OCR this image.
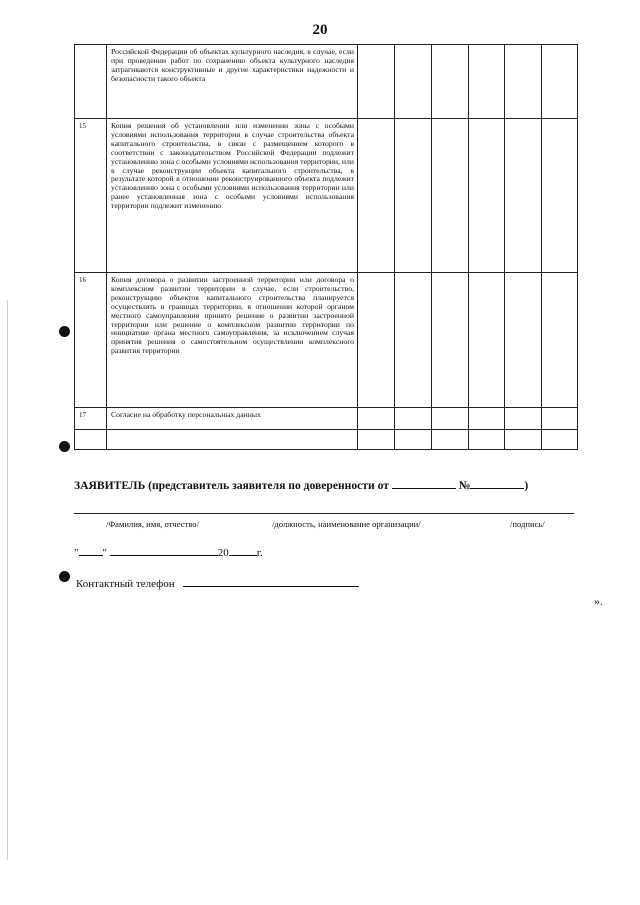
20
	Российской Федерации об объектах культурного наследия, в случае, если при проведении работ по сохранению объекта культурного наследия затрагиваются конструктивные и другие характеристики надежности и безопасности такого объекта						
15	Копия решения об установлении или изменении зоны с особыми условиями использования территории в случае строительства объекта капитального строительства, в связи с размещением которого в соответствии с законодательством Российской Федерации подлежит установлению зона с особыми условиями использования территории, или в случае реконструкции объекта капитального строительства, в результате которой в отношении реконструированного объекта подлежит установлению зона с особыми условиями использования территории или ранее установленная зона с особыми условиями использования территории подлежит изменению						
16	Копия договора о развитии застроенной территории или договора о комплексном развитии территории в случае, если строительство, реконструкцию объектов капитального строительства планируется осуществлять в границах территории, в отношении которой органом местного самоуправления принято решение о развитии застроенной территории или решение о комплексном развитии территории по инициативе органа местного самоуправления, за исключением случая принятия решения о самостоятельном осуществлении комплексного развития территории						
17	Согласие на обработку персональных данных						

ЗАЯВИТЕЛЬ (представитель заявителя по доверенности от	№	)
/Фамилия, имя, отчество/	/должность, наименование организации/	/подпись/
" "	20	г.
Контактный телефон
».
